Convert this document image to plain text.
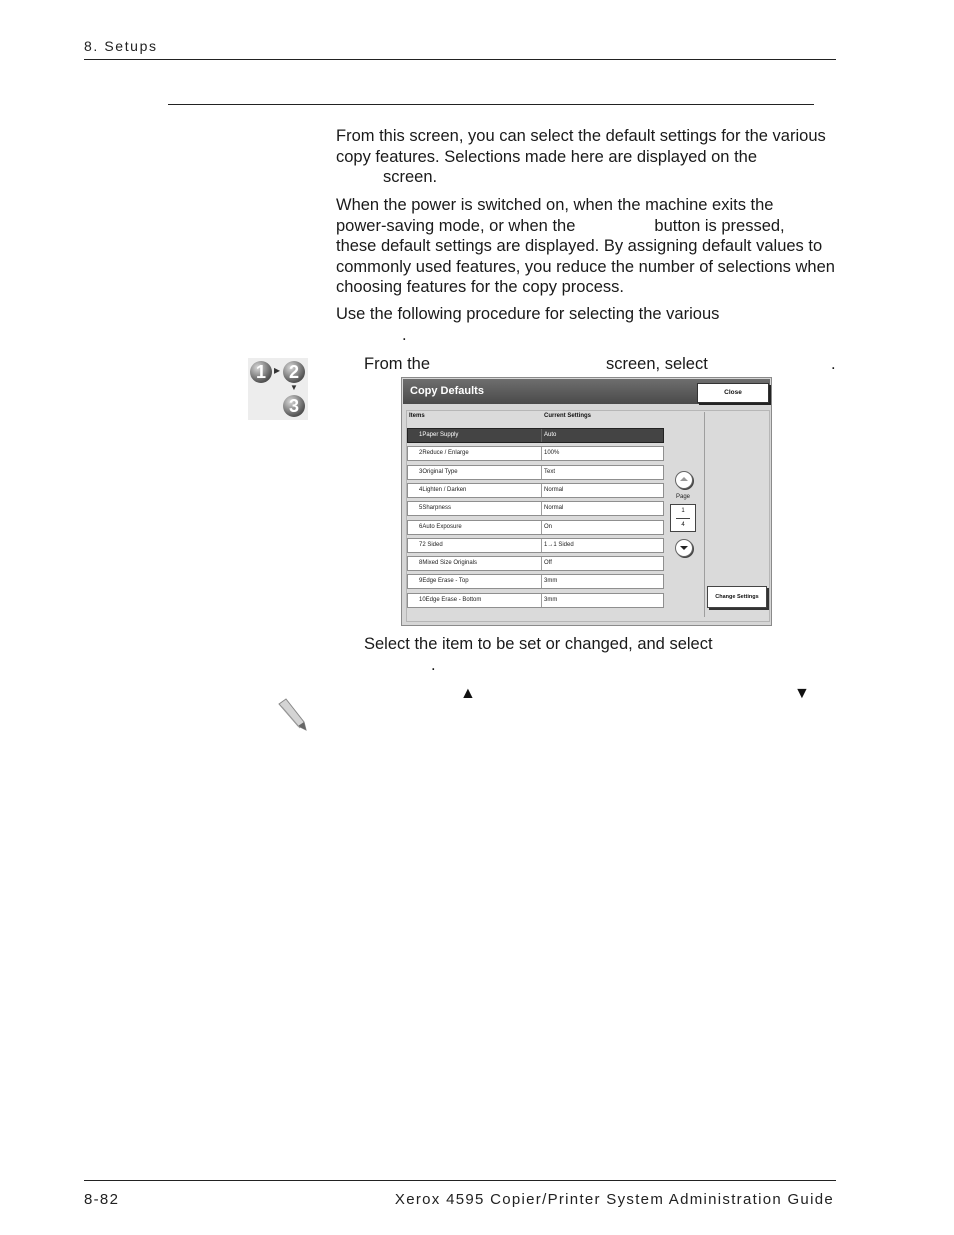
8. Setups

From this screen, you can select the default settings for the various copy features. Selections made here are displayed on the
screen.

When the power is switched on, when the machine exits the
power-saving mode, or when the	button is pressed,
these default settings are displayed. By assigning default values to commonly used features, you reduce the number of selections when choosing features for the copy process.

Use the following procedure for selecting the various
.

1 ▸ 2
▼
3
From the	screen, select	.
Copy Defaults	Close
Items	Current Settings
1Paper Supply	Auto
2Reduce / Enlarge	100%
3Original Type	Text
4Lighten / Darken	Normal
5Sharpness	Normal
6Auto Exposure	On
72 Sided	1→1 Sided
8Mixed Size Originals	Off
9Edge Erase - Top	3mm
10Edge Erase - Bottom	3mm
Page
1
4
Change Settings
Select the item to be set or changed, and select
.
▲	▼
8-82	Xerox 4595 Copier/Printer System Administration Guide
